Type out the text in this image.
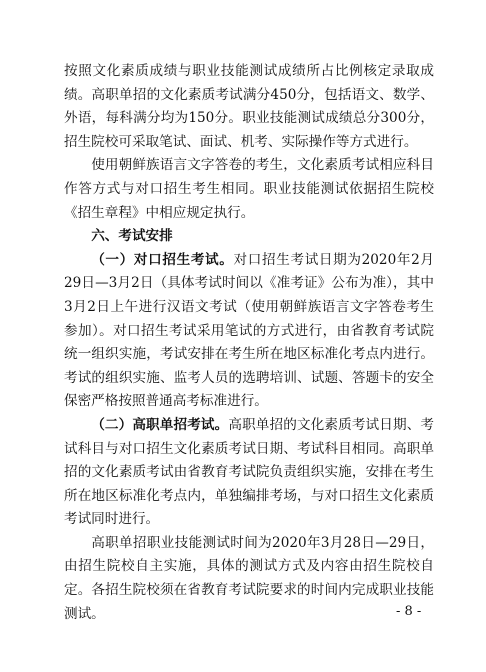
按照文化素质成绩与职业技能测试成绩所占比例核定录取成绩。高职单招的文化素质考试满分450分，包括语文、数学、外语，每科满分均为150分。职业技能测试成绩总分300分，招生院校可采取笔试、面试、机考、实际操作等方式进行。

使用朝鲜族语言文字答卷的考生，文化素质考试相应科目作答方式与对口招生考生相同。职业技能测试依据招生院校《招生章程》中相应规定执行。

六、考试安排

（一）对口招生考试。对口招生考试日期为2020年2月29日—3月2日（具体考试时间以《准考证》公布为准），其中3月2日上午进行汉语文考试（使用朝鲜族语言文字答卷考生参加）。对口招生考试采用笔试的方式进行，由省教育考试院统一组织实施，考试安排在考生所在地区标准化考点内进行。考试的组织实施、监考人员的选聘培训、试题、答题卡的安全保密严格按照普通高考标准进行。

（二）高职单招考试。高职单招的文化素质考试日期、考试科目与对口招生文化素质考试日期、考试科目相同。高职单招的文化素质考试由省教育考试院负责组织实施，安排在考生所在地区标准化考点内，单独编排考场，与对口招生文化素质考试同时进行。

高职单招职业技能测试时间为2020年3月28日—29日，由招生院校自主实施，具体的测试方式及内容由招生院校自定。各招生院校须在省教育考试院要求的时间内完成职业技能测试。	- 8 -
